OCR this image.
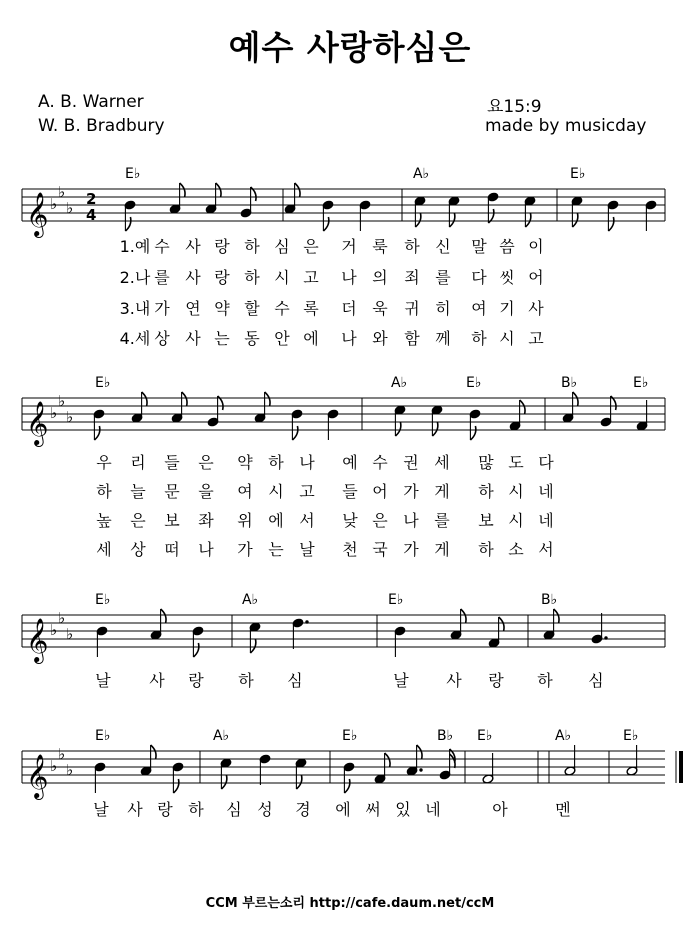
예수 사랑하심은
A. B. Warner
W. B. Bradbury
요15:9
made by musicday
𝄞 ♭
♭
♭ 2
4
𝄞 ♭
♭
♭
𝄞 ♭
♭
♭
𝄞 ♭
♭
♭
E♭	A♭	E♭
E♭	A♭	E♭	B♭	E♭
E♭	A♭	E♭	B♭
E♭	A♭	E♭	B♭ E♭	A♭	E♭
1.예 수 사 랑 하 심 은 거 룩 하 신 말 씀 이
2.나 를 사 랑 하 시 고 나 의 죄 를 다 씻 어
3.내 가 연 약 할 수 록 더 욱 귀 히 여 기 사
4.세 상 사 는 동 안 에 나 와 함 께 하 시 고
우 리 들 은 약 하 나 예 수 권 세 많 도 다
하 늘 문 을 여 시 고 들 어 가 게 하 시 네
높 은 보 좌 위 에 서 낮 은 나 를 보 시 네
세 상 떠 나 가 는 날 천 국 가 게 하 소 서
날 사 랑 하 심	날 사 랑 하 심
날 사 랑 하 심 성 경 에 써 있 네	아	멘
CCM 부르는소리 http://cafe.daum.net/ccM
